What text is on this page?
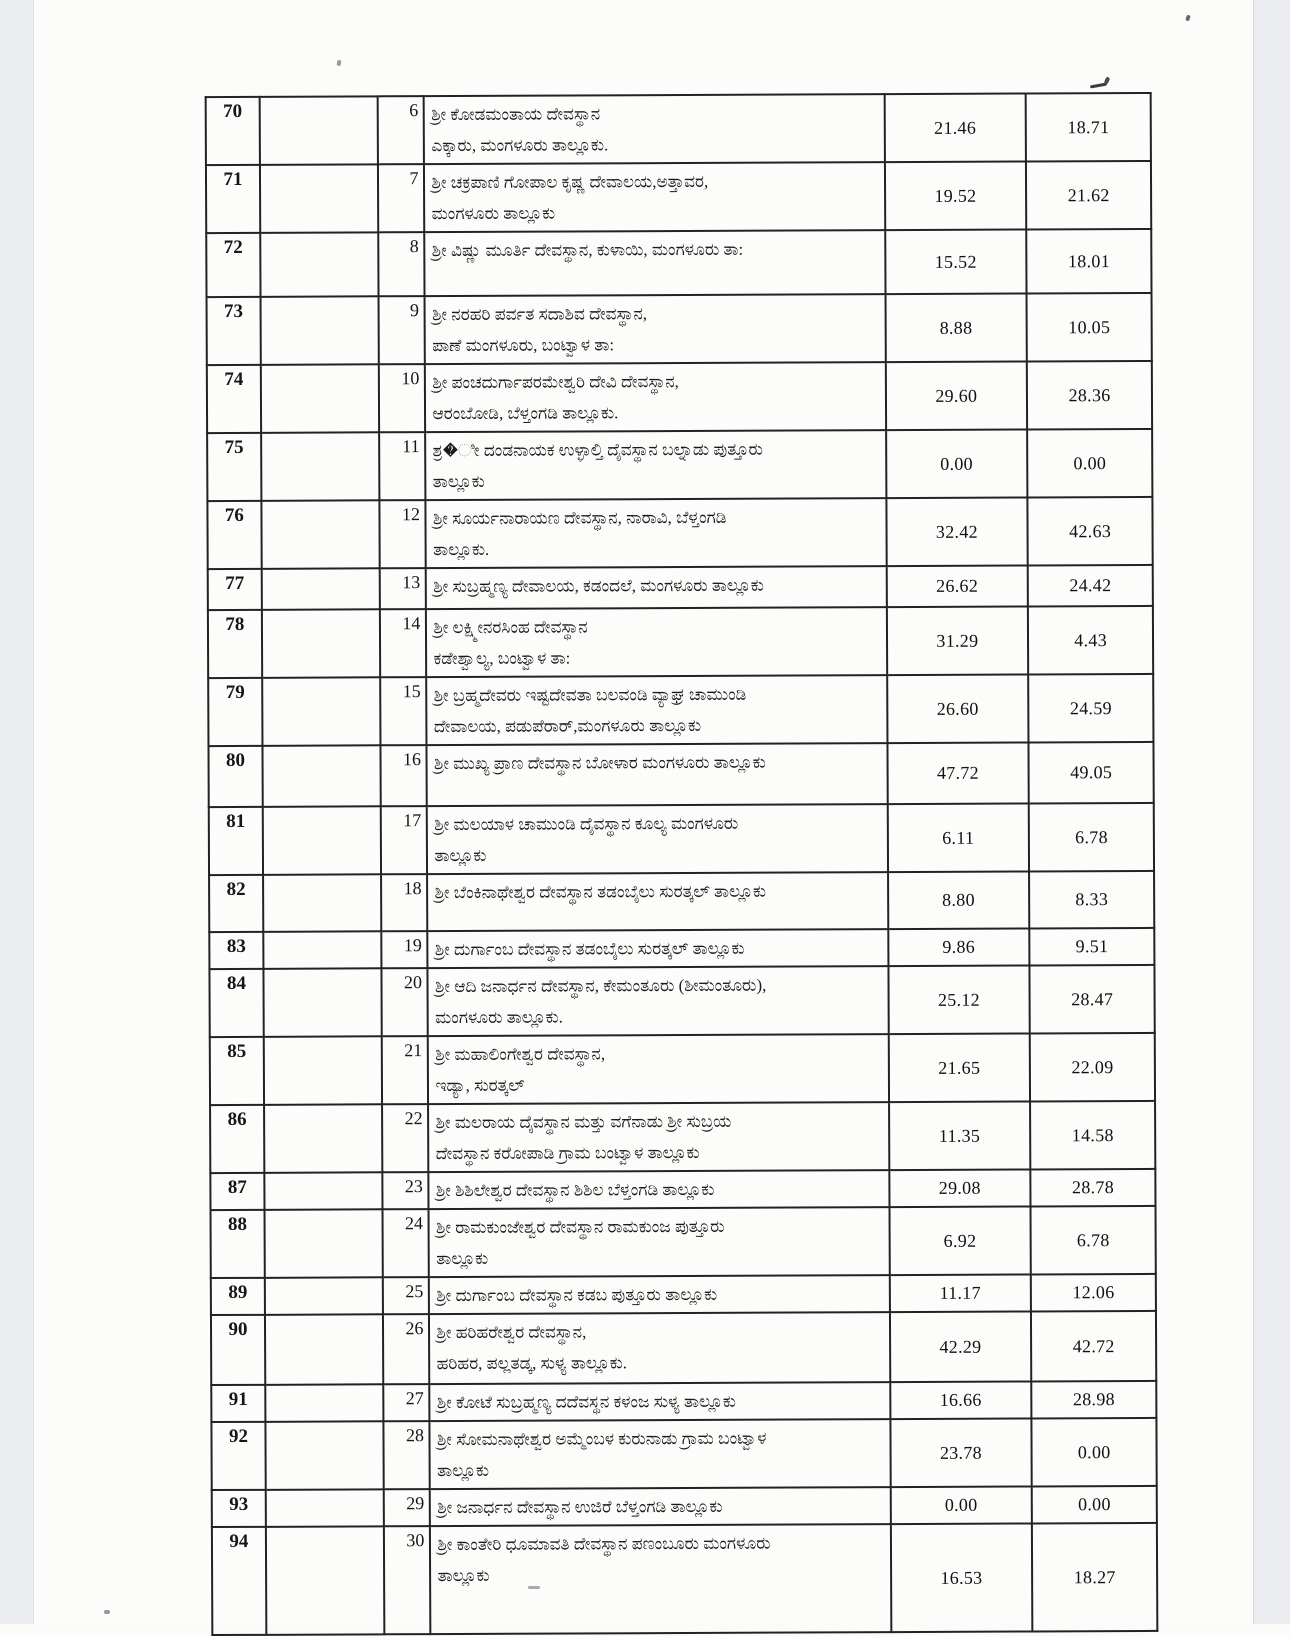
70		6	ಶ್ರೀ ಕೋಡಮಂತಾಯ ದೇವಸ್ಥಾನ
ಎಕ್ಕಾರು, ಮಂಗಳೂರು ತಾಲ್ಲೂಕು.	21.46	18.71
71		7	ಶ್ರೀ ಚಕ್ರಪಾಣಿ ಗೋಪಾಲ ಕೃಷ್ಣ ದೇವಾಲಯ,ಅತ್ತಾವರ,
ಮಂಗಳೂರು ತಾಲ್ಲೂಕು	19.52	21.62
72		8	ಶ್ರೀ ವಿಷ್ಣು ಮೂರ್ತಿ ದೇವಸ್ಥಾನ, ಕುಳಾಯಿ, ಮಂಗಳೂರು ತಾ:	15.52	18.01
73		9	ಶ್ರೀ ನರಹರಿ ಪರ್ವತ ಸದಾಶಿವ ದೇವಸ್ಥಾನ,
ಪಾಣೆ ಮಂಗಳೂರು, ಬಂಟ್ವಾಳ ತಾ:	8.88	10.05
74		10	ಶ್ರೀ ಪಂಚದುರ್ಗಾಪರಮೇಶ್ವರಿ ದೇವಿ ದೇವಸ್ಥಾನ,
ಆರಂಬೋಡಿ, ಬೆಳ್ತಂಗಡಿ ತಾಲ್ಲೂಕು.	29.60	28.36
75		11	ಶ್ರ�ೀ ದಂಡನಾಯಕ ಉಳ್ಳಾಲ್ತಿ ದೈವಸ್ಥಾನ ಬಲ್ನಾಡು ಪುತ್ತೂರು
ತಾಲ್ಲೂಕು	0.00	0.00
76		12	ಶ್ರೀ ಸೂರ್ಯನಾರಾಯಣ ದೇವಸ್ಥಾನ, ನಾರಾವಿ, ಬೆಳ್ತಂಗಡಿ
ತಾಲ್ಲೂಕು.	32.42	42.63
77		13	ಶ್ರೀ ಸುಬ್ರಹ್ಮಣ್ಯ ದೇವಾಲಯ, ಕಡಂದಲೆ, ಮಂಗಳೂರು ತಾಲ್ಲೂಕು	26.62	24.42
78		14	ಶ್ರೀ ಲಕ್ಷ್ಮೀನರಸಿಂಹ ದೇವಸ್ಥಾನ
ಕಡೇಶ್ವಾಲ್ಯ, ಬಂಟ್ವಾಳ ತಾ:	31.29	4.43
79		15	ಶ್ರೀ ಬ್ರಹ್ಮದೇವರು ಇಷ್ಟದೇವತಾ ಬಲವಂಡಿ ವ್ಯಾಘ್ರ ಚಾಮುಂಡಿ
ದೇವಾಲಯ, ಪಡುಪೆರಾರ್,ಮಂಗಳೂರು ತಾಲ್ಲೂಕು	26.60	24.59
80		16	ಶ್ರೀ ಮುಖ್ಯ ಪ್ರಾಣ ದೇವಸ್ಥಾನ ಬೋಳಾರ ಮಂಗಳೂರು ತಾಲ್ಲೂಕು	47.72	49.05
81		17	ಶ್ರೀ ಮಲಯಾಳ ಚಾಮುಂಡಿ ದೈವಸ್ಥಾನ ಕೂಲ್ಯ ಮಂಗಳೂರು
ತಾಲ್ಲೂಕು	6.11	6.78
82		18	ಶ್ರೀ ಬೆಂಕಿನಾಥೇಶ್ವರ ದೇವಸ್ಥಾನ ತಡಂಬೈಲು ಸುರತ್ಕಲ್ ತಾಲ್ಲೂಕು	8.80	8.33
83		19	ಶ್ರೀ ದುರ್ಗಾಂಬ ದೇವಸ್ಥಾನ ತಡಂಬೈಲು ಸುರತ್ಕಲ್ ತಾಲ್ಲೂಕು	9.86	9.51
84		20	ಶ್ರೀ ಆದಿ ಜನಾರ್ಧನ ದೇವಸ್ಥಾನ, ಕೇಮಂತೂರು (ಶೀಮಂತೂರು),
ಮಂಗಳೂರು ತಾಲ್ಲೂಕು.	25.12	28.47
85		21	ಶ್ರೀ ಮಹಾಲಿಂಗೇಶ್ವರ ದೇವಸ್ಥಾನ,
ಇಡ್ಯಾ, ಸುರತ್ಕಲ್	21.65	22.09
86		22	ಶ್ರೀ ಮಲರಾಯ ದೈವಸ್ಥಾನ ಮತ್ತು ವಗೆನಾಡು ಶ್ರೀ ಸುಬ್ರಯ
ದೇವಸ್ಥಾನ ಕರೋಪಾಡಿ ಗ್ರಾಮ ಬಂಟ್ವಾಳ ತಾಲ್ಲೂಕು	11.35	14.58
87		23	ಶ್ರೀ ಶಿಶಿಲೇಶ್ವರ ದೇವಸ್ಥಾನ ಶಿಶಿಲ ಬೆಳ್ತಂಗಡಿ ತಾಲ್ಲೂಕು	29.08	28.78
88		24	ಶ್ರೀ ರಾಮಕುಂಜೇಶ್ವರ ದೇವಸ್ಥಾನ ರಾಮಕುಂಜ ಪುತ್ತೂರು
ತಾಲ್ಲೂಕು	6.92	6.78
89		25	ಶ್ರೀ ದುರ್ಗಾಂಬ ದೇವಸ್ಥಾನ ಕಡಬ ಪುತ್ತೂರು ತಾಲ್ಲೂಕು	11.17	12.06
90		26	ಶ್ರೀ ಹರಿಹರೇಶ್ವರ ದೇವಸ್ಥಾನ,
ಹರಿಹರ, ಪಲ್ಲತಡ್ಕ, ಸುಳ್ಯ ತಾಲ್ಲೂಕು.	42.29	42.72
91		27	ಶ್ರೀ ಕೋಟೆ ಸುಬ್ರಹ್ಮಣ್ಯ ದದೆವಸ್ಥನ ಕಳಂಜ ಸುಳ್ಯ ತಾಲ್ಲೂಕು	16.66	28.98
92		28	ಶ್ರೀ ಸೋಮನಾಥೇಶ್ವರ ಅಮ್ಮೆಂಬಳ ಕುರುನಾಡು ಗ್ರಾಮ ಬಂಟ್ವಾಳ
ತಾಲ್ಲೂಕು	23.78	0.00
93		29	ಶ್ರೀ ಜನಾರ್ಧನ ದೇವಸ್ಥಾನ ಉಜಿರೆ ಬೆಳ್ತಂಗಡಿ ತಾಲ್ಲೂಕು	0.00	0.00
94		30	ಶ್ರೀ ಕಾಂತೇರಿ ಧೂಮಾವತಿ ದೇವಸ್ಥಾನ ಪಣಂಬೂರು ಮಂಗಳೂರು
ತಾಲ್ಲೂಕು	16.53	18.27
